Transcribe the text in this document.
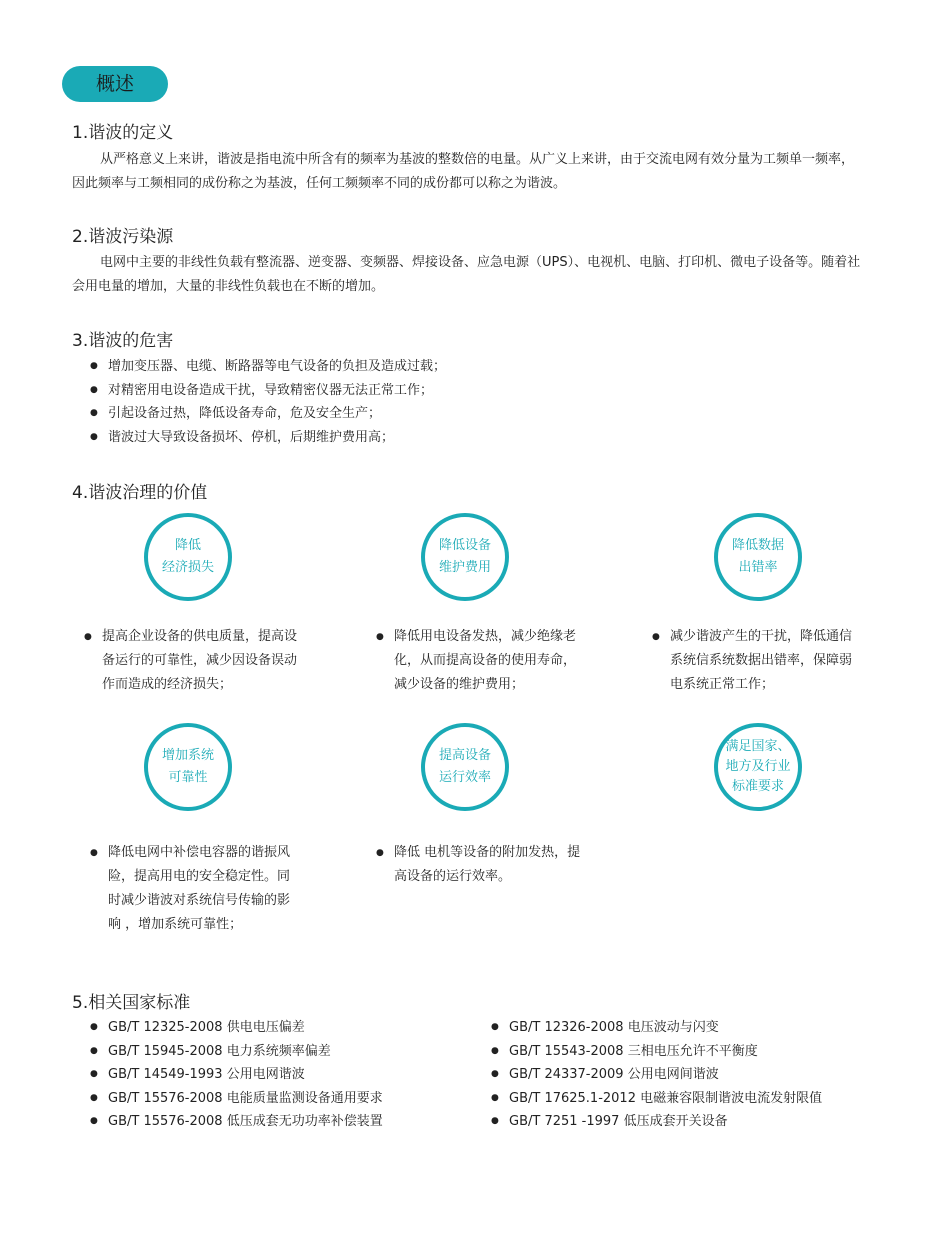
概述
1.谐波的定义
从严格意义上来讲，谐波是指电流中所含有的频率为基波的整数倍的电量。从广义上来讲，由于交流电网有效分量为工频单一频率，因此频率与工频相同的成份称之为基波，任何工频频率不同的成份都可以称之为谐波。
2.谐波污染源
电网中主要的非线性负载有整流器、逆变器、变频器、焊接设备、应急电源（UPS）、电视机、电脑、打印机、微电子设备等。随着社会用电量的增加，大量的非线性负载也在不断的增加。
3.谐波的危害
● 增加变压器、电缆、断路器等电气设备的负担及造成过载；
● 对精密用电设备造成干扰，导致精密仪器无法正常工作；
● 引起设备过热，降低设备寿命，危及安全生产；
● 谐波过大导致设备损坏、停机，后期维护费用高；
4.谐波治理的价值
降低
经济损失
降低设备
维护费用
降低数据
出错率
● 提高企业设备的供电质量，提高设备运行的可靠性，减少因设备误动作而造成的经济损失；
● 降低用电设备发热，减少绝缘老化，从而提高设备的使用寿命，减少设备的维护费用；
● 减少谐波产生的干扰，降低通信系统信系统数据出错率，保障弱电系统正常工作；
增加系统
可靠性
提高设备
运行效率
满足国家、
地方及行业
标准要求
● 降低电网中补偿电容器的谐振风险，提高用电的安全稳定性。同时减少谐波对系统信号传输的影响 ，增加系统可靠性；
● 降低 电机等设备的附加发热，提高设备的运行效率。
5.相关国家标准
● GB/T 12325-2008 供电电压偏差
● GB/T 15945-2008 电力系统频率偏差
● GB/T 14549-1993 公用电网谐波
● GB/T 15576-2008 电能质量监测设备通用要求
● GB/T 15576-2008 低压成套无功功率补偿装置
● GB/T 12326-2008 电压波动与闪变
● GB/T 15543-2008 三相电压允许不平衡度
● GB/T 24337-2009 公用电网间谐波
● GB/T 17625.1-2012 电磁兼容限制谐波电流发射限值
● GB/T 7251 -1997 低压成套开关设备
